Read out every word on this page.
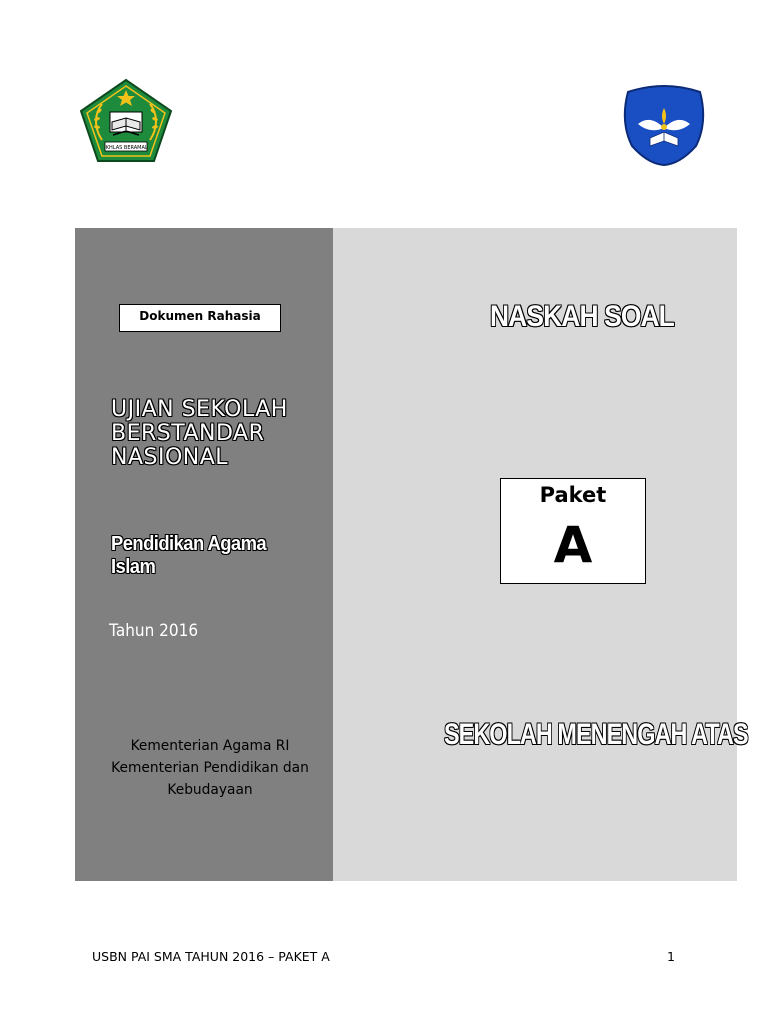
IKHLAS BERAMAL
TUTWURI HANDAYANI
Dokumen Rahasia
UJIAN SEKOLAH
BERSTANDAR
NASIONAL
Pendidikan Agama Islam
Tahun 2016
Kementerian Agama RI
Kementerian Pendidikan dan Kebudayaan
NASKAH SOAL
Paket
A
SEKOLAH MENENGAH ATAS
USBN PAI SMA TAHUN 2016 – PAKET A	1
